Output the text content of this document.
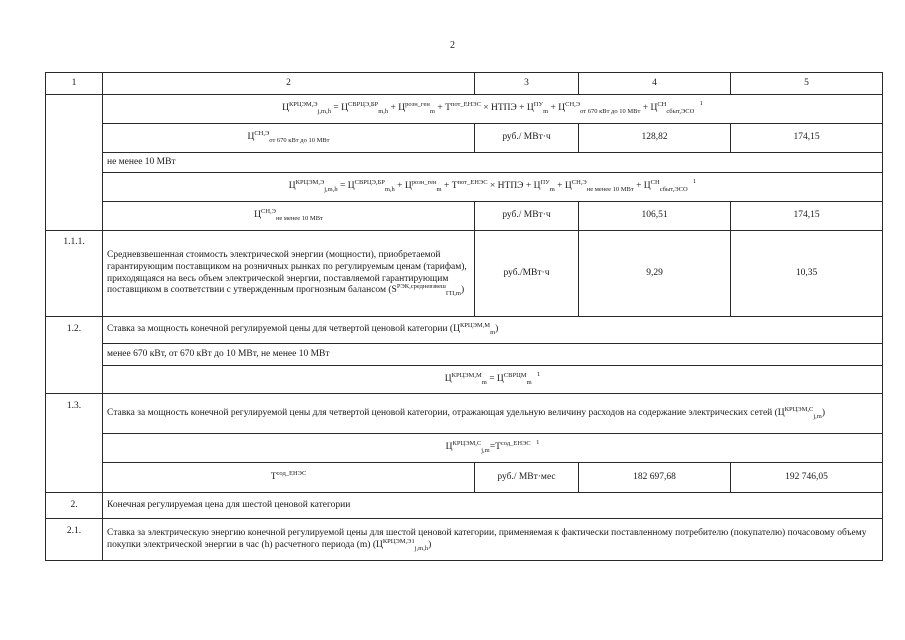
2
1	2	3	4	5
	$Ц^{КРЦЭМ,Э}_{j,m,h} = Ц^{СВРЦЭ,БР}_{m,h} + Ц^{розн\_ген}_m + Т^{пот\_ЕНЭС}$ × НТПЭ + $Ц^{ПУ}_m + Ц^{СН,Э}_{от 670 кВт до 10 МВт} + Ц^{СН}_{сбыт,ЭСО}$ $^1$
	$Ц^{СН,Э}_{от 670 кВт до 10 МВт}$	руб./ МВт·ч	128,82	174,15
	не менее 10 МВт			
	$Ц^{КРЦЭМ,Э}_{j,m,h} = Ц^{СВРЦЭ,БР}_{m,h} + Ц^{розн\_ген}_m + Т^{пот\_ЕНЭС}$ × НТПЭ + $Ц^{ПУ}_m + Ц^{СН,Э}_{не менее 10 МВт} + Ц^{СН}_{сбыт,ЭСО}$ $^1$
	$Ц^{СН,Э}_{не менее 10 МВт}$	руб./ МВт·ч	106,51	174,15
1.1.1.	Средневзвешенная стоимость электрической энергии (мощности), приобретаемой гарантирующим поставщиком на розничных рынках по регулируемым ценам (тарифам), приходящаяся на весь объем электрической энергии, поставляемой гарантирующим поставщиком в соответствии с утвержденным прогнозным балансом $(S^{РЭК,средневзвеш}_{ГП,m})$	руб./МВт·ч	9,29	10,35
1.2.	Ставка за мощность конечной регулируемой цены для четвертой ценовой категории $(Ц^{КРЦЭМ,М}_m)$			
	менее 670 кВт, от 670 кВт до 10 МВт, не менее 10 МВт			
	$Ц^{КРЦЭМ,М}_m = Ц^{СВРЦМ}_m$ $^1$
1.3.	Ставка за мощность конечной регулируемой цены для четвертой ценовой категории, отражающая удельную величину расходов на содержание электрических сетей $(Ц^{КРЦЭМ,С}_{j,m})$			
	$Ц^{КРЦЭМ,С}_{j,m}=Т^{сод\_ЕНЭС}$ $^1$
	$Т^{сод\_ЕНЭС}$	руб./ МВт·мес	182 697,68	192 746,05
2.	Конечная регулируемая цена для шестой ценовой категории			
2.1.	Ставка за электрическую энергию конечной регулируемой цены для шестой ценовой категории, применяемая к фактически поставленному потребителю (покупателю) почасовому объему покупки электрической энергии в час (h) расчетного периода (m) $(Ц^{КРЦЭМ,Э1}_{j,m,h})$			
